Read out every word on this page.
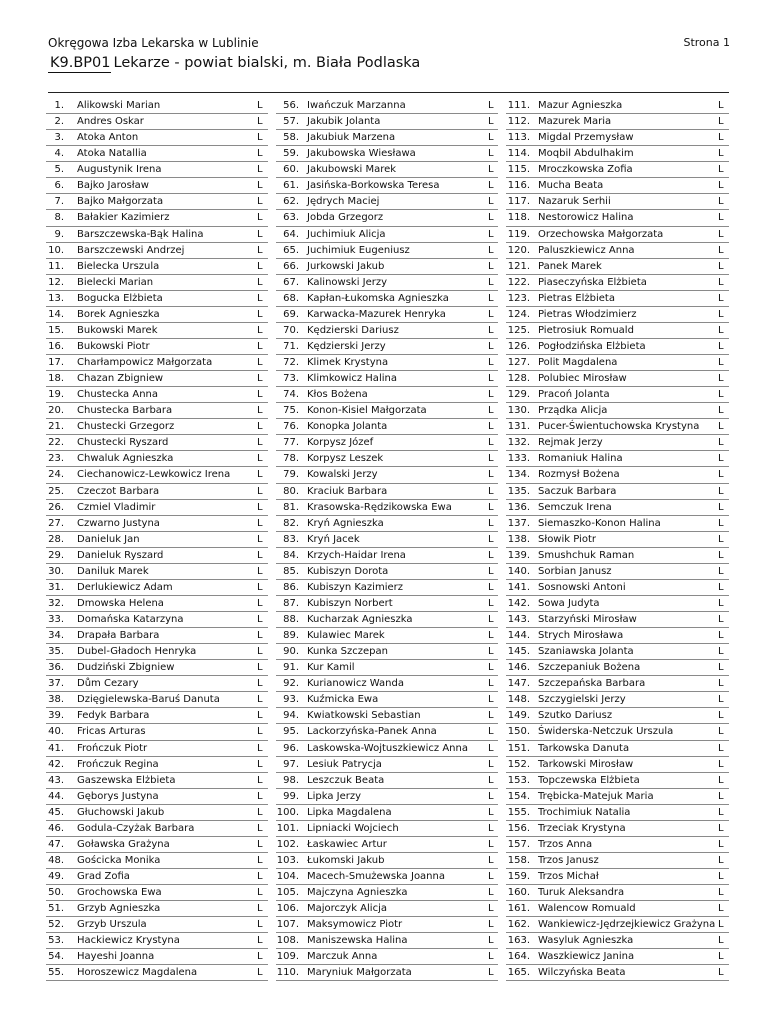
Okręgowa Izba Lekarska w Lublinie	Strona 1
K9.BP01 Lekarze - powiat bialski, m. Biała Podlaska
1. Alikowski Marian	L
2. Andres Oskar	L
3. Atoka Anton	L
4. Atoka Natallia	L
5. Augustynik Irena	L
6. Bajko Jarosław	L
7. Bajko Małgorzata	L
8. Bałakier Kazimierz	L
9. Barszczewska-Bąk Halina	L
10. Barszczewski Andrzej	L
11. Bielecka Urszula	L
12. Bielecki Marian	L
13. Bogucka Elżbieta	L
14. Borek Agnieszka	L
15. Bukowski Marek	L
16. Bukowski Piotr	L
17. Charłampowicz Małgorzata	L
18. Chazan Zbigniew	L
19. Chustecka Anna	L
20. Chustecka Barbara	L
21. Chustecki Grzegorz	L
22. Chustecki Ryszard	L
23. Chwaluk Agnieszka	L
24. Ciechanowicz-Lewkowicz Irena	L
25. Czeczot Barbara	L
26. Czmiel Vladimir	L
27. Czwarno Justyna	L
28. Danieluk Jan	L
29. Danieluk Ryszard	L
30. Daniluk Marek	L
31. Derlukiewicz Adam	L
32. Dmowska Helena	L
33. Domańska Katarzyna	L
34. Drapała Barbara	L
35. Dubel-Gładoch Henryka	L
36. Dudziński Zbigniew	L
37. Dům Cezary	L
38. Dzięgielewska-Baruś Danuta	L
39. Fedyk Barbara	L
40. Fricas Arturas	L
41. Frończuk Piotr	L
42. Frończuk Regina	L
43. Gaszewska Elżbieta	L
44. Gęborys Justyna	L
45. Głuchowski Jakub	L
46. Godula-Czyżak Barbara	L
47. Goławska Grażyna	L
48. Gościcka Monika	L
49. Grad Zofia	L
50. Grochowska Ewa	L
51. Grzyb Agnieszka	L
52. Grzyb Urszula	L
53. Hackiewicz Krystyna	L
54. Hayeshi Joanna	L
55. Horoszewicz Magdalena	L
56. Iwańczuk Marzanna	L
57. Jakubik Jolanta	L
58. Jakubiuk Marzena	L
59. Jakubowska Wiesława	L
60. Jakubowski Marek	L
61. Jasińska-Borkowska Teresa	L
62. Jędrych Maciej	L
63. Jobda Grzegorz	L
64. Juchimiuk Alicja	L
65. Juchimiuk Eugeniusz	L
66. Jurkowski Jakub	L
67. Kalinowski Jerzy	L
68. Kapłan-Łukomska Agnieszka	L
69. Karwacka-Mazurek Henryka	L
70. Kędzierski Dariusz	L
71. Kędzierski Jerzy	L
72. Klimek Krystyna	L
73. Klimkowicz Halina	L
74. Kłos Bożena	L
75. Konon-Kisiel Małgorzata	L
76. Konopka Jolanta	L
77. Korpysz Józef	L
78. Korpysz Leszek	L
79. Kowalski Jerzy	L
80. Kraciuk Barbara	L
81. Krasowska-Rędzikowska Ewa	L
82. Kryń Agnieszka	L
83. Kryń Jacek	L
84. Krzych-Haidar Irena	L
85. Kubiszyn Dorota	L
86. Kubiszyn Kazimierz	L
87. Kubiszyn Norbert	L
88. Kucharzak Agnieszka	L
89. Kulawiec Marek	L
90. Kunka Szczepan	L
91. Kur Kamil	L
92. Kurianowicz Wanda	L
93. Kuźmicka Ewa	L
94. Kwiatkowski Sebastian	L
95. Lackorzyńska-Panek Anna	L
96. Laskowska-Wojtuszkiewicz Anna L
97. Lesiuk Patrycja	L
98. Leszczuk Beata	L
99. Lipka Jerzy	L
100. Lipka Magdalena	L
101. Lipniacki Wojciech	L
102. Łaskawiec Artur	L
103. Łukomski Jakub	L
104. Macech-Smużewska Joanna	L
105. Majczyna Agnieszka	L
106. Majorczyk Alicja	L
107. Maksymowicz Piotr	L
108. Maniszewska Halina	L
109. Marczuk Anna	L
110. Maryniuk Małgorzata	L
111. Mazur Agnieszka	L
112. Mazurek Maria	L
113. Migdal Przemysław	L
114. Moqbil Abdulhakim	L
115. Mroczkowska Zofia	L
116. Mucha Beata	L
117. Nazaruk Serhii	L
118. Nestorowicz Halina	L
119. Orzechowska Małgorzata	L
120. Paluszkiewicz Anna	L
121. Panek Marek	L
122. Piaseczyńska Elżbieta	L
123. Pietras Elżbieta	L
124. Pietras Włodzimierz	L
125. Pietrosiuk Romuald	L
126. Pogłodzińska Elżbieta	L
127. Polit Magdalena	L
128. Polubiec Mirosław	L
129. Pracoń Jolanta	L
130. Prządka Alicja	L
131. Pucer-Świentuchowska Krystyna L
132. Rejmak Jerzy	L
133. Romaniuk Halina	L
134. Rozmysł Bożena	L
135. Saczuk Barbara	L
136. Semczuk Irena	L
137. Siemaszko-Konon Halina	L
138. Słowik Piotr	L
139. Smushchuk Raman	L
140. Sorbian Janusz	L
141. Sosnowski Antoni	L
142. Sowa Judyta	L
143. Starzyński Mirosław	L
144. Strych Mirosława	L
145. Szaniawska Jolanta	L
146. Szczepaniuk Bożena	L
147. Szczepańska Barbara	L
148. Szczygielski Jerzy	L
149. Szutko Dariusz	L
150. Świderska-Netczuk Urszula	L
151. Tarkowska Danuta	L
152. Tarkowski Mirosław	L
153. Topczewska Elżbieta	L
154. Trębicka-Matejuk Maria	L
155. Trochimiuk Natalia	L
156. Trzeciak Krystyna	L
157. Trzos Anna	L
158. Trzos Janusz	L
159. Trzos Michał	L
160. Turuk Aleksandra	L
161. Walencow Romuald	L
162. Wankiewicz-Jędrzejkiewicz Grażyna L
163. Wasyluk Agnieszka	L
164. Waszkiewicz Janina	L
165. Wilczyńska Beata	L
